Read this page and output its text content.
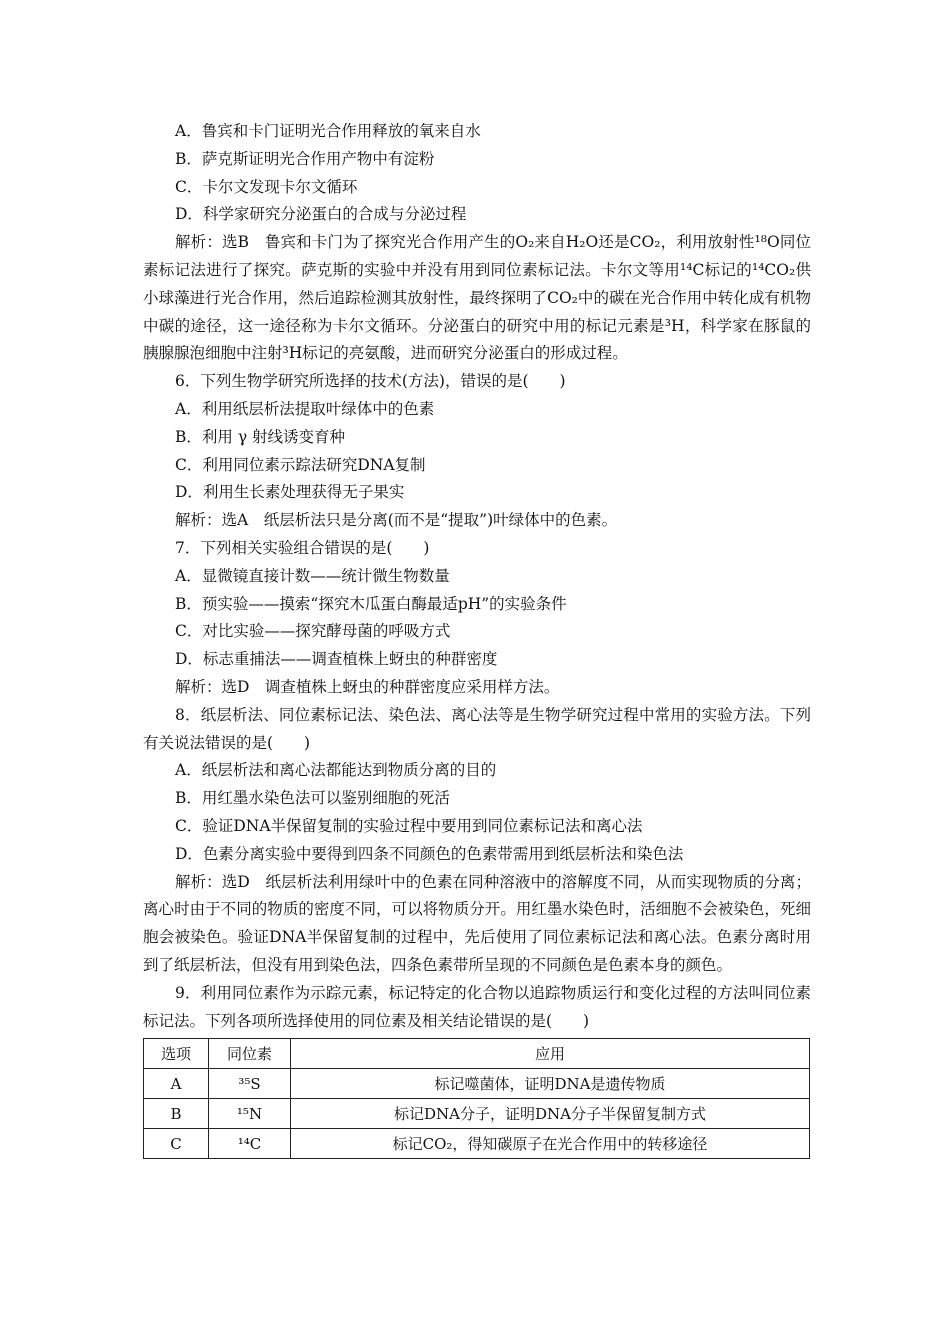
A．鲁宾和卡门证明光合作用释放的氧来自水

B．萨克斯证明光合作用产物中有淀粉

C．卡尔文发现卡尔文循环

D．科学家研究分泌蛋白的合成与分泌过程

解析：选B　鲁宾和卡门为了探究光合作用产生的O₂来自H₂O还是CO₂，利用放射性¹⁸O同位素标记法进行了探究。萨克斯的实验中并没有用到同位素标记法。卡尔文等用¹⁴C标记的¹⁴CO₂供小球藻进行光合作用，然后追踪检测其放射性，最终探明了CO₂中的碳在光合作用中转化成有机物中碳的途径，这一途径称为卡尔文循环。分泌蛋白的研究中用的标记元素是³H，科学家在豚鼠的胰腺腺泡细胞中注射³H标记的亮氨酸，进而研究分泌蛋白的形成过程。

6．下列生物学研究所选择的技术(方法)，错误的是(　　)

A．利用纸层析法提取叶绿体中的色素

B．利用 γ 射线诱变育种

C．利用同位素示踪法研究DNA复制

D．利用生长素处理获得无子果实

解析：选A　纸层析法只是分离(而不是“提取”)叶绿体中的色素。

7．下列相关实验组合错误的是(　　)

A．显微镜直接计数——统计微生物数量

B．预实验——摸索“探究木瓜蛋白酶最适pH”的实验条件

C．对比实验——探究酵母菌的呼吸方式

D．标志重捕法——调查植株上蚜虫的种群密度

解析：选D　调查植株上蚜虫的种群密度应采用样方法。

8．纸层析法、同位素标记法、染色法、离心法等是生物学研究过程中常用的实验方法。下列有关说法错误的是(　　)

A．纸层析法和离心法都能达到物质分离的目的

B．用红墨水染色法可以鉴别细胞的死活

C．验证DNA半保留复制的实验过程中要用到同位素标记法和离心法

D．色素分离实验中要得到四条不同颜色的色素带需用到纸层析法和染色法

解析：选D　纸层析法利用绿叶中的色素在同种溶液中的溶解度不同，从而实现物质的分离；离心时由于不同的物质的密度不同，可以将物质分开。用红墨水染色时，活细胞不会被染色，死细胞会被染色。验证DNA半保留复制的过程中，先后使用了同位素标记法和离心法。色素分离时用到了纸层析法，但没有用到染色法，四条色素带所呈现的不同颜色是色素本身的颜色。

9．利用同位素作为示踪元素，标记特定的化合物以追踪物质运行和变化过程的方法叫同位素标记法。下列各项所选择使用的同位素及相关结论错误的是(　　)

选项	同位素	应用
A	³⁵S	标记噬菌体，证明DNA是遗传物质
B	¹⁵N	标记DNA分子，证明DNA分子半保留复制方式
C	¹⁴C	标记CO₂，得知碳原子在光合作用中的转移途径
